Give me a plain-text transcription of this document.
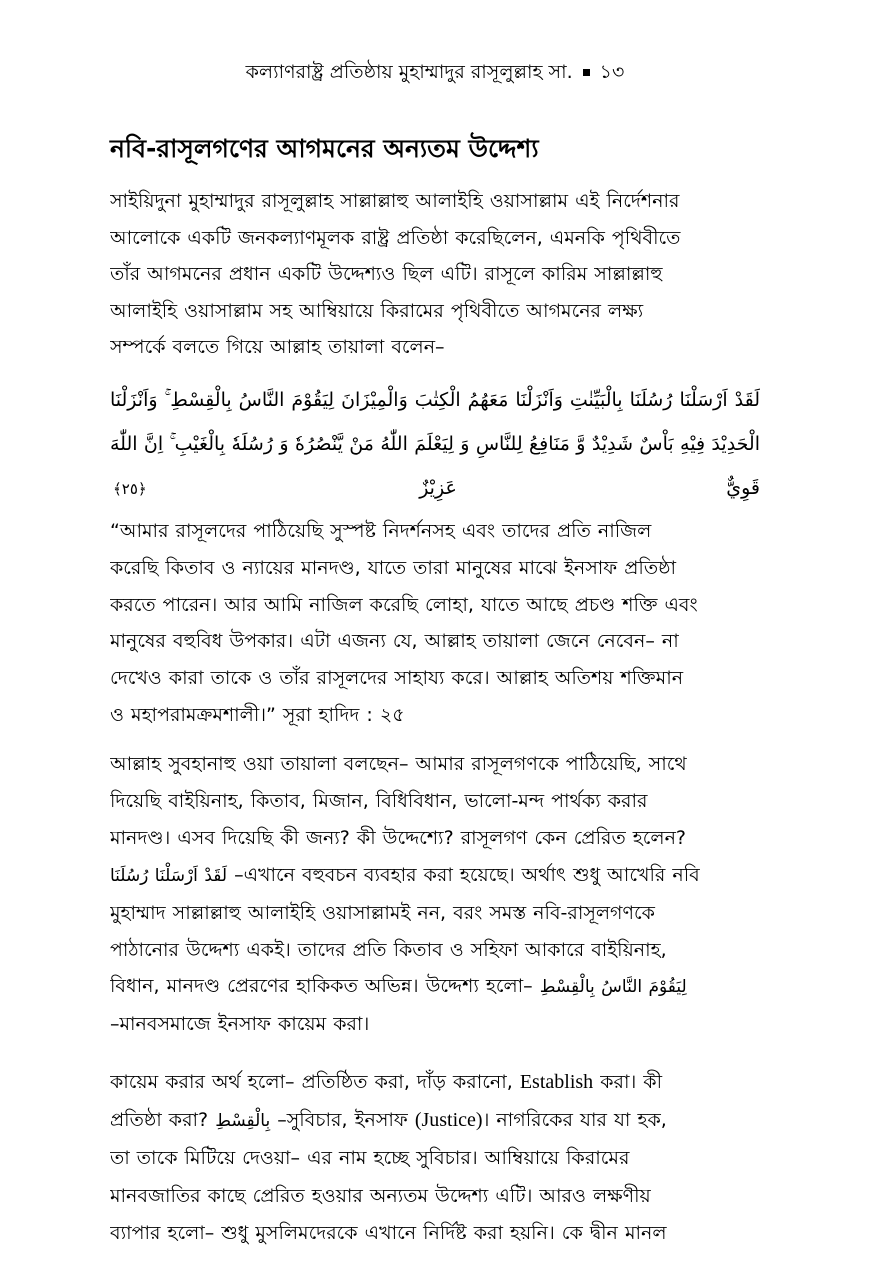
কল্যাণরাষ্ট্র প্রতিষ্ঠায় মুহাম্মাদুর রাসূলুল্লাহ সা. ১৩
নবি-রাসূলগণের আগমনের অন্যতম উদ্দেশ্য
সাইয়িদুনা মুহাম্মাদুর রাসূলুল্লাহ সাল্লাল্লাহু আলাইহি ওয়াসাল্লাম এই নির্দেশনার
আলোকে একটি জনকল্যাণমূলক রাষ্ট্র প্রতিষ্ঠা করেছিলেন, এমনকি পৃথিবীতে
তাঁর আগমনের প্রধান একটি উদ্দেশ্যও ছিল এটি। রাসূলে কারিম সাল্লাল্লাহু
আলাইহি ওয়াসাল্লাম সহ আম্বিয়ায়ে কিরামের পৃথিবীতে আগমনের লক্ষ্য
সম্পর্কে বলতে গিয়ে আল্লাহ তায়ালা বলেন–
لَقَدْ اَرْسَلْنَا رُسُلَنَا بِالْبَيِّنٰتِ وَاَنْزَلْنَا مَعَهُمُ الْكِتٰبَ وَالْمِيْزَانَ لِيَقُوْمَ النَّاسُ بِالْقِسْطِ ۚ وَاَنْزَلْنَا
الْحَدِيْدَ فِيْهِ بَاْسٌ شَدِيْدٌ وَّ مَنَافِعُ لِلنَّاسِ وَ لِيَعْلَمَ اللّٰهُ مَنْ يَّنْصُرُهٗ وَ رُسُلَهٗ بِالْغَيْبِ ۚ اِنَّ اللّٰهَ
قَوِيٌّ عَزِيْزٌ ﴿٢٥﴾
“আমার রাসূলদের পাঠিয়েছি সুস্পষ্ট নিদর্শনসহ এবং তাদের প্রতি নাজিল
করেছি কিতাব ও ন্যায়ের মানদণ্ড, যাতে তারা মানুষের মাঝে ইনসাফ প্রতিষ্ঠা
করতে পারেন। আর আমি নাজিল করেছি লোহা, যাতে আছে প্রচণ্ড শক্তি এবং
মানুষের বহুবিধ উপকার। এটা এজন্য যে, আল্লাহ তায়ালা জেনে নেবেন– না
দেখেও কারা তাকে ও তাঁর রাসূলদের সাহায্য করে। আল্লাহ অতিশয় শক্তিমান
ও মহাপরামক্রমশালী।” সূরা হাদিদ : ২৫
আল্লাহ সুবহানাহু ওয়া তায়ালা বলছেন– আমার রাসূলগণকে পাঠিয়েছি, সাথে
দিয়েছি বাইয়িনাহ, কিতাব, মিজান, বিধিবিধান, ভালো-মন্দ পার্থক্য করার
মানদণ্ড। এসব দিয়েছি কী জন্য? কী উদ্দেশ্যে? রাসূলগণ কেন প্রেরিত হলেন?
لَقَدْ اَرْسَلْنَا رُسُلَنَا –এখানে বহুবচন ব্যবহার করা হয়েছে। অর্থাৎ শুধু আখেরি নবি
মুহাম্মাদ সাল্লাল্লাহু আলাইহি ওয়াসাল্লামই নন, বরং সমস্ত নবি-রাসূলগণকে
পাঠানোর উদ্দেশ্য একই। তাদের প্রতি কিতাব ও সহিফা আকারে বাইয়িনাহ,
বিধান, মানদণ্ড প্রেরণের হাকিকত অভিন্ন। উদ্দেশ্য হলো– لِيَقُوْمَ النَّاسُ بِالْقِسْطِ
–মানবসমাজে ইনসাফ কায়েম করা।
কায়েম করার অর্থ হলো– প্রতিষ্ঠিত করা, দাঁড় করানো, Establish করা। কী
প্রতিষ্ঠা করা? بِالْقِسْطِ –সুবিচার, ইনসাফ (Justice)। নাগরিকের যার যা হক,
তা তাকে মিটিয়ে দেওয়া– এর নাম হচ্ছে সুবিচার। আম্বিয়ায়ে কিরামের
মানবজাতির কাছে প্রেরিত হওয়ার অন্যতম উদ্দেশ্য এটি। আরও লক্ষণীয়
ব্যাপার হলো– শুধু মুসলিমদেরকে এখানে নির্দিষ্ট করা হয়নি। কে দ্বীন মানল
